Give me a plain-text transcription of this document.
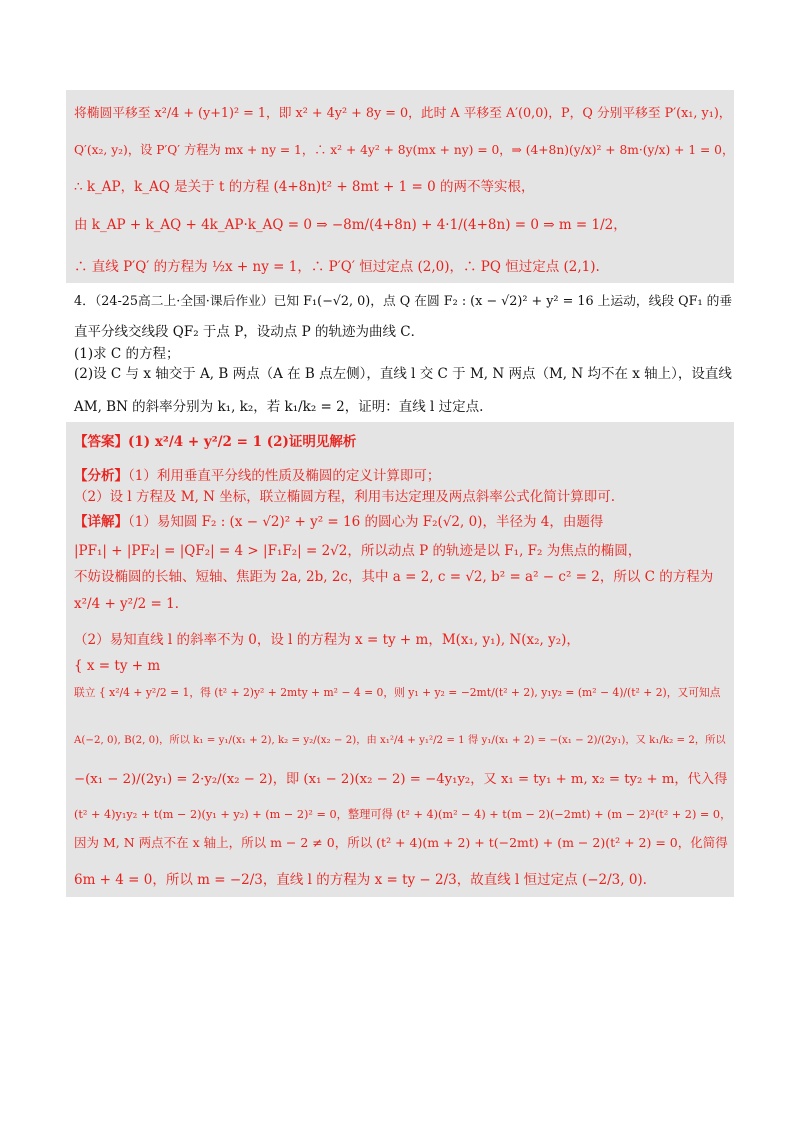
将椭圆平移至 x²/4 + (y+1)² = 1，即 x² + 4y² + 8y = 0，此时 A 平移至 A′(0,0)，P，Q 分别平移至 P′(x₁, y₁)，
Q′(x₂, y₂)，设 P′Q′ 方程为 mx + ny = 1，∴ x² + 4y² + 8y(mx + ny) = 0，⇒ (4+8n)(y/x)² + 8m·(y/x) + 1 = 0，
∴ k_AP，k_AQ 是关于 t 的方程 (4+8n)t² + 8mt + 1 = 0 的两不等实根，
由 k_AP + k_AQ + 4k_AP·k_AQ = 0 ⇒ −8m/(4+8n) + 4·1/(4+8n) = 0 ⇒ m = 1/2，
∴ 直线 P′Q′ 的方程为 ½x + ny = 1，∴ P′Q′ 恒过定点 (2,0)，∴ PQ 恒过定点 (2,1).
4．（24-25高二上·全国·课后作业）已知 F₁(−√2, 0)，点 Q 在圆 F₂ : (x − √2)² + y² = 16 上运动，线段 QF₁ 的垂
直平分线交线段 QF₂ 于点 P，设动点 P 的轨迹为曲线 C．
(1)求 C 的方程；
(2)设 C 与 x 轴交于 A, B 两点（A 在 B 点左侧），直线 l 交 C 于 M, N 两点（M, N 均不在 x 轴上），设直线
AM, BN 的斜率分别为 k₁, k₂，若 k₁/k₂ = 2，证明：直线 l 过定点.
【答案】(1) x²/4 + y²/2 = 1 (2)证明见解析
【分析】（1）利用垂直平分线的性质及椭圆的定义计算即可；
（2）设 l 方程及 M, N 坐标，联立椭圆方程，利用韦达定理及两点斜率公式化简计算即可.
【详解】（1）易知圆 F₂ : (x − √2)² + y² = 16 的圆心为 F₂(√2, 0)，半径为 4，由题得
|PF₁| + |PF₂| = |QF₂| = 4 > |F₁F₂| = 2√2，所以动点 P 的轨迹是以 F₁, F₂ 为焦点的椭圆，
不妨设椭圆的长轴、短轴、焦距为 2a, 2b, 2c，其中 a = 2, c = √2, b² = a² − c² = 2，所以 C 的方程为
x²/4 + y²/2 = 1．
（2）易知直线 l 的斜率不为 0，设 l 的方程为 x = ty + m，M(x₁, y₁), N(x₂, y₂)，
{ x = ty + m
联立 { x²/4 + y²/2 = 1，得 (t² + 2)y² + 2mty + m² − 4 = 0，则 y₁ + y₂ = −2mt/(t² + 2), y₁y₂ = (m² − 4)/(t² + 2)，又可知点
A(−2, 0), B(2, 0)，所以 k₁ = y₁/(x₁ + 2), k₂ = y₂/(x₂ − 2)，由 x₁²/4 + y₁²/2 = 1 得 y₁/(x₁ + 2) = −(x₁ − 2)/(2y₁)，又 k₁/k₂ = 2，所以
−(x₁ − 2)/(2y₁) = 2·y₂/(x₂ − 2)，即 (x₁ − 2)(x₂ − 2) = −4y₁y₂，又 x₁ = ty₁ + m, x₂ = ty₂ + m，代入得
(t² + 4)y₁y₂ + t(m − 2)(y₁ + y₂) + (m − 2)² = 0，整理可得 (t² + 4)(m² − 4) + t(m − 2)(−2mt) + (m − 2)²(t² + 2) = 0，
因为 M, N 两点不在 x 轴上，所以 m − 2 ≠ 0，所以 (t² + 4)(m + 2) + t(−2mt) + (m − 2)(t² + 2) = 0，化简得
6m + 4 = 0，所以 m = −2/3，直线 l 的方程为 x = ty − 2/3，故直线 l 恒过定点 (−2/3, 0).
